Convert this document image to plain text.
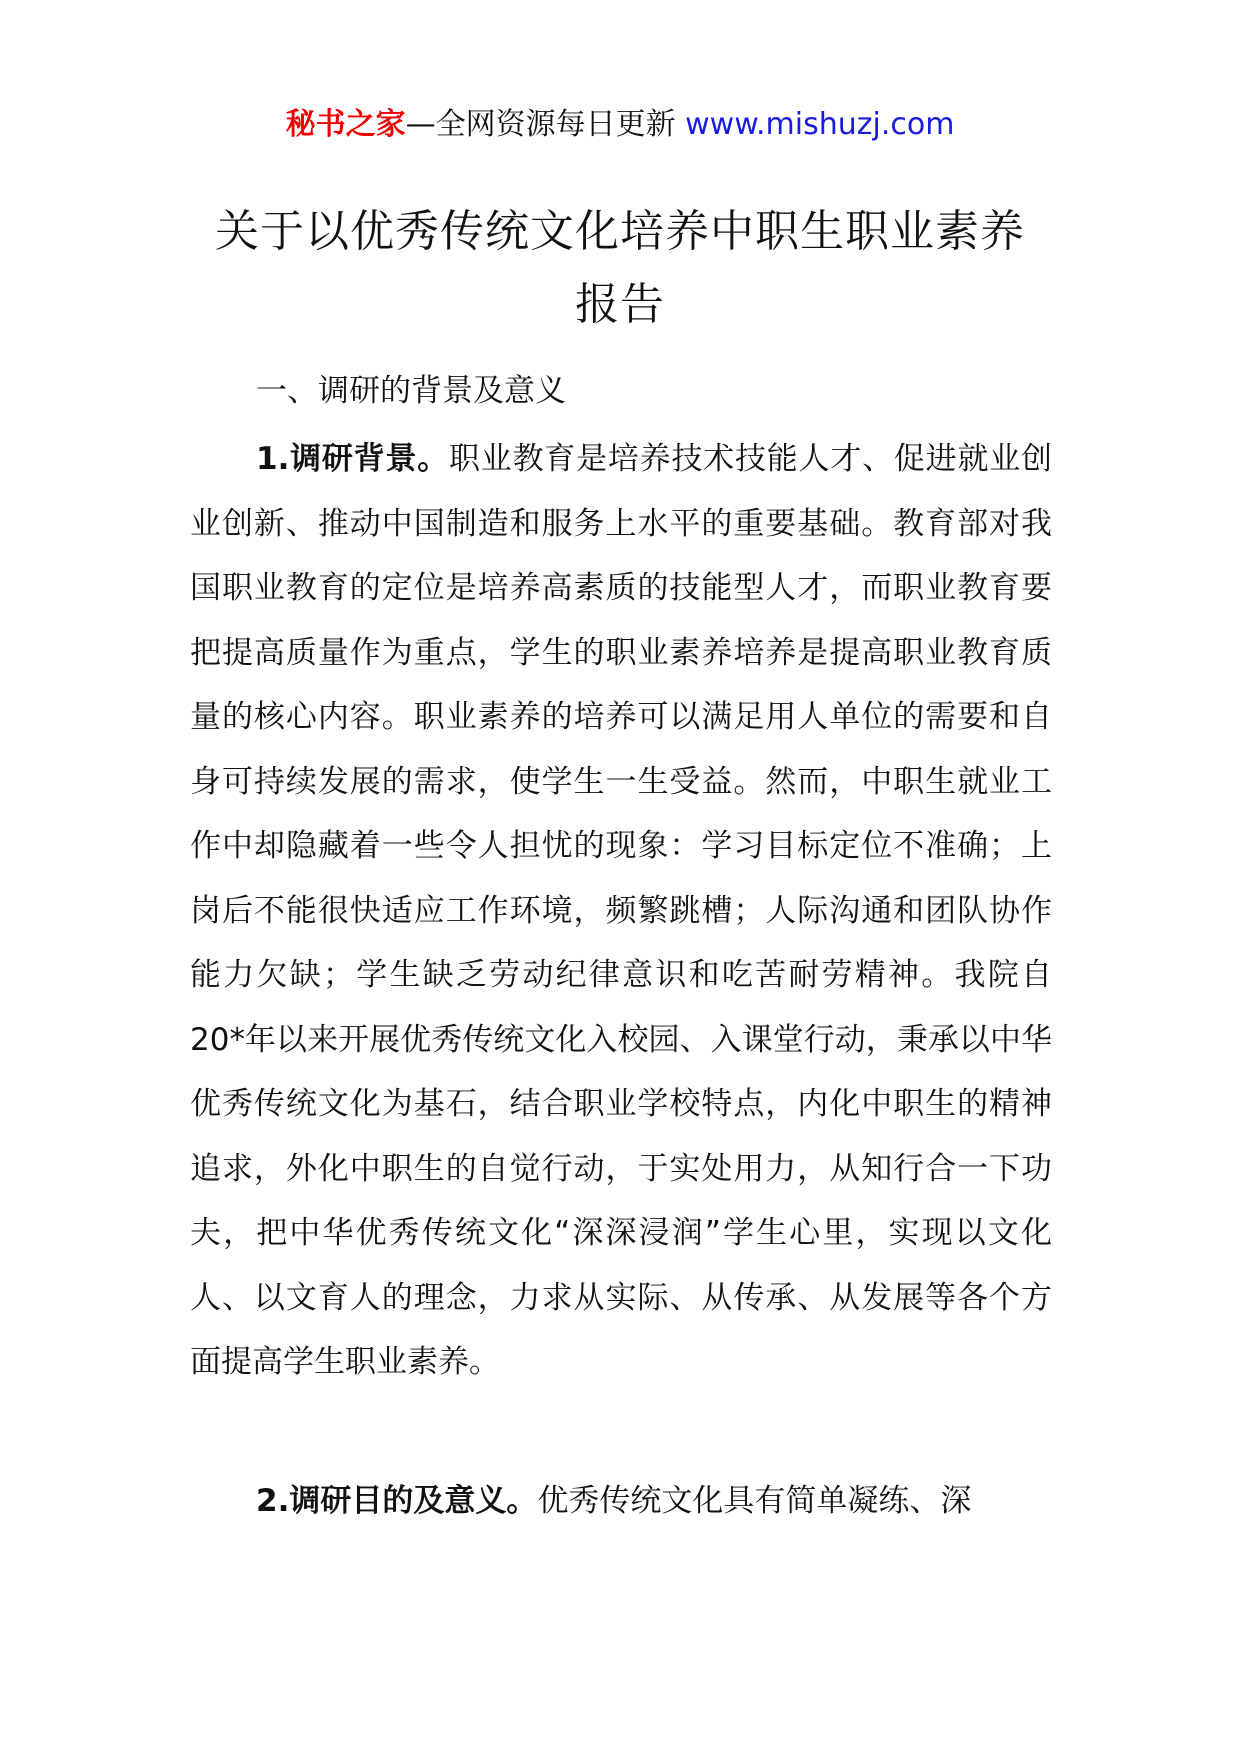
秘书之家—全网资源每日更新 www.mishuzj.com
关于以优秀传统文化培养中职生职业素养
报告
一、调研的背景及意义

1.调研背景。职业教育是培养技术技能人才、促进就业创业创新、推动中国制造和服务上水平的重要基础。教育部对我国职业教育的定位是培养高素质的技能型人才，而职业教育要把提高质量作为重点，学生的职业素养培养是提高职业教育质量的核心内容。职业素养的培养可以满足用人单位的需要和自身可持续发展的需求，使学生一生受益。然而，中职生就业工作中却隐藏着一些令人担忧的现象：学习目标定位不准确；上岗后不能很快适应工作环境，频繁跳槽；人际沟通和团队协作能力欠缺；学生缺乏劳动纪律意识和吃苦耐劳精神。我院自 20*年以来开展优秀传统文化入校园、入课堂行动，秉承以中华优秀传统文化为基石，结合职业学校特点，内化中职生的精神追求，外化中职生的自觉行动，于实处用力，从知行合一下功夫，把中华优秀传统文化“深深浸润”学生心里，实现以文化人、以文育人的理念，力求从实际、从传承、从发展等各个方面提高学生职业素养。

2.调研目的及意义。优秀传统文化具有简单凝练、深
